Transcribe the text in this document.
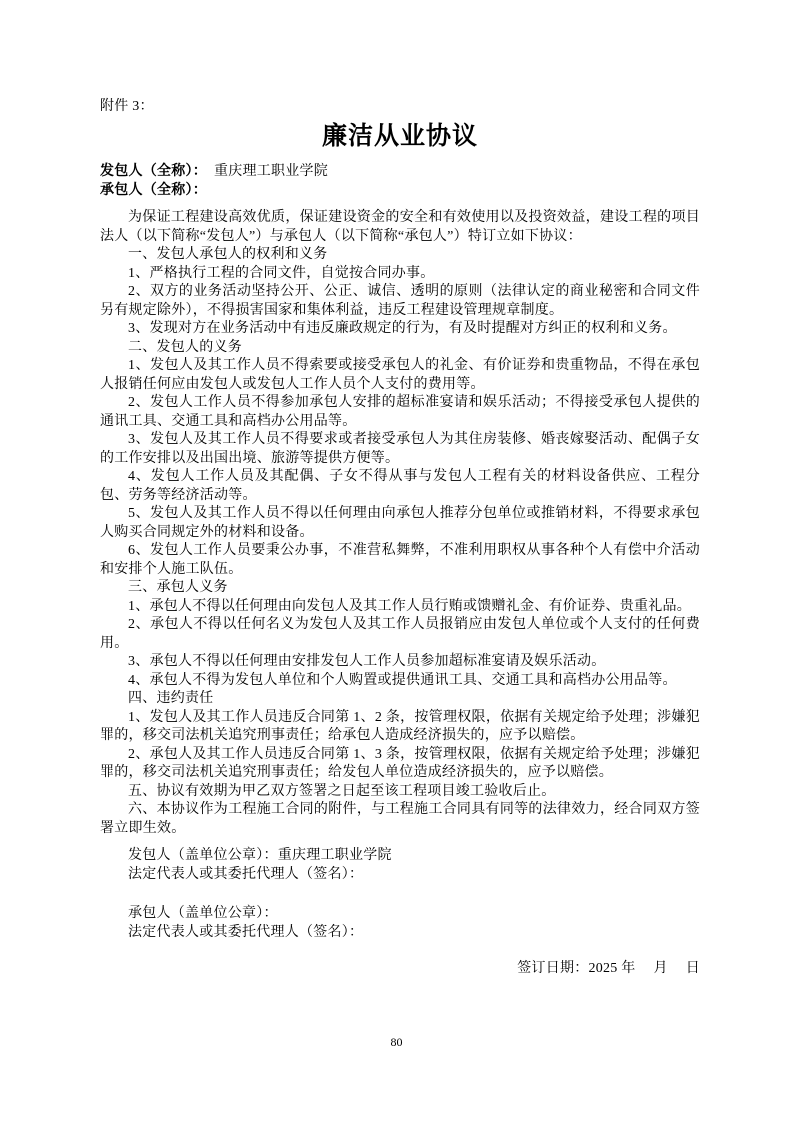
附件 3：
廉洁从业协议
发包人（全称）： 重庆理工职业学院
承包人（全称）：

为保证工程建设高效优质，保证建设资金的安全和有效使用以及投资效益，建设工程的项目法人（以下简称“发包人”）与承包人（以下简称“承包人”）特订立如下协议：

一、发包人承包人的权利和义务

1、严格执行工程的合同文件，自觉按合同办事。

2、双方的业务活动坚持公开、公正、诚信、透明的原则（法律认定的商业秘密和合同文件另有规定除外），不得损害国家和集体利益，违反工程建设管理规章制度。

3、发现对方在业务活动中有违反廉政规定的行为，有及时提醒对方纠正的权利和义务。

二、发包人的义务

1、发包人及其工作人员不得索要或接受承包人的礼金、有价证券和贵重物品，不得在承包人报销任何应由发包人或发包人工作人员个人支付的费用等。

2、发包人工作人员不得参加承包人安排的超标准宴请和娱乐活动；不得接受承包人提供的通讯工具、交通工具和高档办公用品等。

3、发包人及其工作人员不得要求或者接受承包人为其住房装修、婚丧嫁娶活动、配偶子女的工作安排以及出国出境、旅游等提供方便等。

4、发包人工作人员及其配偶、子女不得从事与发包人工程有关的材料设备供应、工程分包、劳务等经济活动等。

5、发包人及其工作人员不得以任何理由向承包人推荐分包单位或推销材料，不得要求承包人购买合同规定外的材料和设备。

6、发包人工作人员要秉公办事，不准营私舞弊，不准利用职权从事各种个人有偿中介活动和安排个人施工队伍。

三、承包人义务

1、承包人不得以任何理由向发包人及其工作人员行贿或馈赠礼金、有价证券、贵重礼品。

2、承包人不得以任何名义为发包人及其工作人员报销应由发包人单位或个人支付的任何费用。

3、承包人不得以任何理由安排发包人工作人员参加超标准宴请及娱乐活动。

4、承包人不得为发包人单位和个人购置或提供通讯工具、交通工具和高档办公用品等。

四、违约责任

1、发包人及其工作人员违反合同第 1、2 条，按管理权限，依据有关规定给予处理；涉嫌犯罪的，移交司法机关追究刑事责任；给承包人造成经济损失的，应予以赔偿。

2、承包人及其工作人员违反合同第 1、3 条，按管理权限，依据有关规定给予处理；涉嫌犯罪的，移交司法机关追究刑事责任；给发包人单位造成经济损失的，应予以赔偿。

五、协议有效期为甲乙双方签署之日起至该工程项目竣工验收后止。

六、本协议作为工程施工合同的附件，与工程施工合同具有同等的法律效力，经合同双方签署立即生效。

发包人（盖单位公章）：重庆理工职业学院

法定代表人或其委托代理人（签名）：

承包人（盖单位公章）：

法定代表人或其委托代理人（签名）：

签订日期：2025 年　 月　 日
80
